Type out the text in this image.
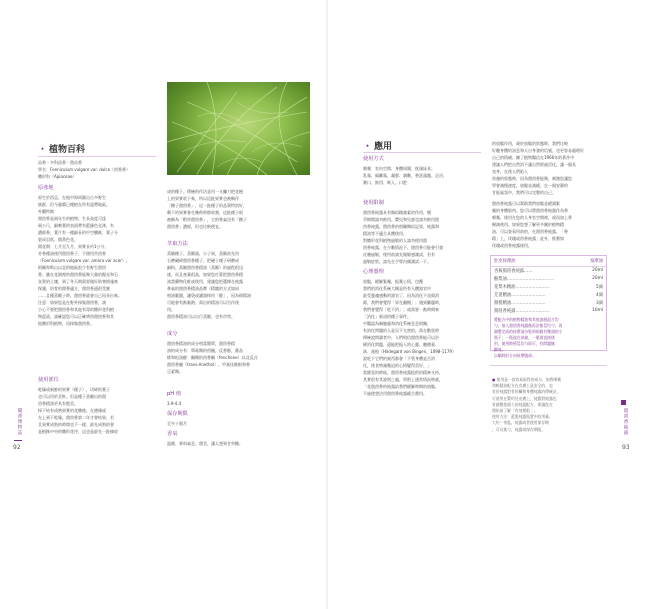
・ 植物百科
苗香・多科苗香・甜苗香
學名：Foeniculum vulgare var. dulce（茴香香）
繖形科（Apiaceae）
原產地
原生於西亞、在地中海周圍自古多野生
族群，但今風靡已種植在所有溫帶地區。
外觀特徵
甜茴香是兩年生的植物，生長高度可達
兩公尺，細軟葉的表面帶有藍綠色光澤，有
濃郁香，葉片有一種細長的中空纖維，葉子分
裂成羽狀，開黃色花。
開花期：七月至九月，果實長約1公分，
芳香種油使用甜茴香子，不便用苦茴香
（Foeniculum vulgare var. amara var acer）。
阿爾卑斯山以北的地區很少有野生甜茴
香，雖在花園裡的甜茴香能夠大量的陽光和石
灰質的土壤，到了冬天期需要做好防寒措施來
保護，培育的甜香適方，甜茴香還很受蜜
……且種蒸餾子時，甜茴香就會自己再長出來。
注意：如果您是在野外採集甜茴香，請
小心不要把甜茴香和其他有毒的繖形花科植
物混淆，請確認您可以正確辨別甜茴香和其
他繖形科植物，再採集甜茴香。
使用部位
乾燥或新鮮的果實（種子），切碎的葉子
也可以用於烹飪。但是種子蒸餾出的甜
茴香精油更具有肥美。
採下結有成熟果實的花繖後，在德國或
在上到下乾燥，甜茴香第二年才會結果，若
且果實成熟的時間也不一樣，最先成熟的會
是植株中央的繖形花序，這也是最先一批摘收
成的種子。傳統的作法是用一支鐮刀把花梗
上的果實收下來，所以這批果實也被稱作
「糖子甜茴香」，這一批種子的品質特別好，
剩下的果實會在幾秒時節收割，這批種子則
被稱為「稻草甜茴香」，它的香氣沒有「糖子
甜茴香」濃郁，但也比較便宜。
萃取方法
蒸餾種子。蒸餾器，小子果，蒸餾前先用
石磨碾碎甜茴香種子，把碾子種子研磨成
細粉，蒸餾甜茴香精油（蒸餾）的過程很迅
速，而且產量很高，如果您打算把甜茴香精
油當藥物化粧或使用，建議您把選擇在純露
香氣的甜茴香精油品牌（精隨的方式如同
相油範圍，濾袋或濾器採用「醇」，因為經精油
可能會有點黏熱，需出的精油可以另作使
用。
甜茴香精油可以自行蒸餾，也有市售。
成分
甜茴香精油的成分相當簡單，甜茴香精
油的成分有：單萜類的茴醚，反香醇，藿品
烯和松油醇：酮類的茴香酮（fenchone）以及反式
甜茴香醚（trans-Anethol），甲基佳維酚和香
豆素類。
pH 值
3.9-4.4
保存期限
至多十個月
香氣
溫暖、香料氣息、甜美、讓人想到甘草糖。
聞香博物誌
92
・ 應用
使用方式
噴霧：室內空間、身體周圍、枕頭床具；
乳霜、隔離霜，凝膠、調數、香洗澡龍、足浴、
漱口、飲用、吸入、口腔
使用限制
甜茴香純露具有類似雌激素的作用，懷
孕期間請勿飲用、嬰兒和兒童也請勿飲用甜
茴香純露，甜茴香的相關類似記票，純露和
精油等不適合具體使用。
對繖形花科植物過敏的人請勿使用甜
茴香純露，在少數情況下，甜茴香可能會引發
皮膚過敏，使用前請先做敏感測試，若有
過敏症狀，請先在手臂內側測試一下。
心理器理
放鬆，緩解緊繃，振奮心情，包覆
我們的消化系統大概是所有人體器官中
最受靈魂感動的器官了，因為消化不良與消
除，我們會覺得「胃在翻攪」；遇到難題時，
我們會覺得「吃不消」；或需要一點時間來
「消化」新訊的種子事件。
中醫認為胸腹處和消化系統息息相關，
有消化問題的人是吴不太密的，需在歡欣時
傳統說問讀者中，人們相信甜茴香能可以治
療消化問題，還能把振人的心靈，聽德嘉．
馮．賓根（Hildegard von Bingen，1098-1179）
說吃下它們的東西都會「不管身體是否消
化，使食物滿壓迫的心情變得美好。」
當健壹的時候，甜茴香純露提供的精神支持，
其實很有其說明之處，學術上通常情況時就，
「花瓶茴香的純露給我們緩解時期的放鬆，
不過使想法用甜茴香純露緩合費用。
的放鬆作用，歲於放鬆的狀態時，我們比較
好聽身體的訊息和天自身發的信號，也更容易處理好
自己的情緒。陳了植物醫信在1966年的著作中
建議人們把自然消不讓自然經過活化，讓一個具
良身，在使人們陷入
焦慮的狀態時，因為甜茴香能夠，刺激您讓您
學會減慢速度，放鬆並減緩，在一個安靜的
甘能氣氛中，我們可以完整的自己。
甜茴香純露可以幫助我們放鬆並緩減緊
繃的身體肌肉。您可以將甜茴香純露作為香
噴霧，使用在您的人身室空間裡，或再加上香
樹滴使用。如果您想了解更多關於植物精
油，可以查看用前的，在甜茴香純露、「香
精」上，玫瑰或茴香純露」此外，推薦如
玫瑰或茴香純露使用。
肚皮按摩油	按摩油
杏核甜茴香純露……	20ml
酪梨油……………………………	20ml
花梨木精油……………………	5滴
芫荽精油……………………	4滴
甜橙精油……………………	3滴
甜茴香純露……………………	10ml
將配方中的植物精油和其他油脂混合均
勻，加入甜茴香純露後再次搖晃均勻，再
調製完成的按摩油分裝到兩個有壓頭的小
瓶子，一瓶放在冰箱，一瓶則直接使
用，使用時摇晃均勻即可，有問題無
顯效。
以順時針方向按摩腹部。
● 使用是一款容易取得的成分，如香噴霧
和較精油配方在皮膚上是安全的，也
有於純露對有肝臟和身體純露的傳統法，
可使用在嬰幼兒皮膚上，純露對純露也
有調整您個人的純露配方，建議您在
開始前了解「有效期限」。
使用方法：藍裝純露瓶置中的用量，
大約一茶匙，純露或者使用保存期
，可以搖勻，純露或保存期限。	甜茴香純露
93
